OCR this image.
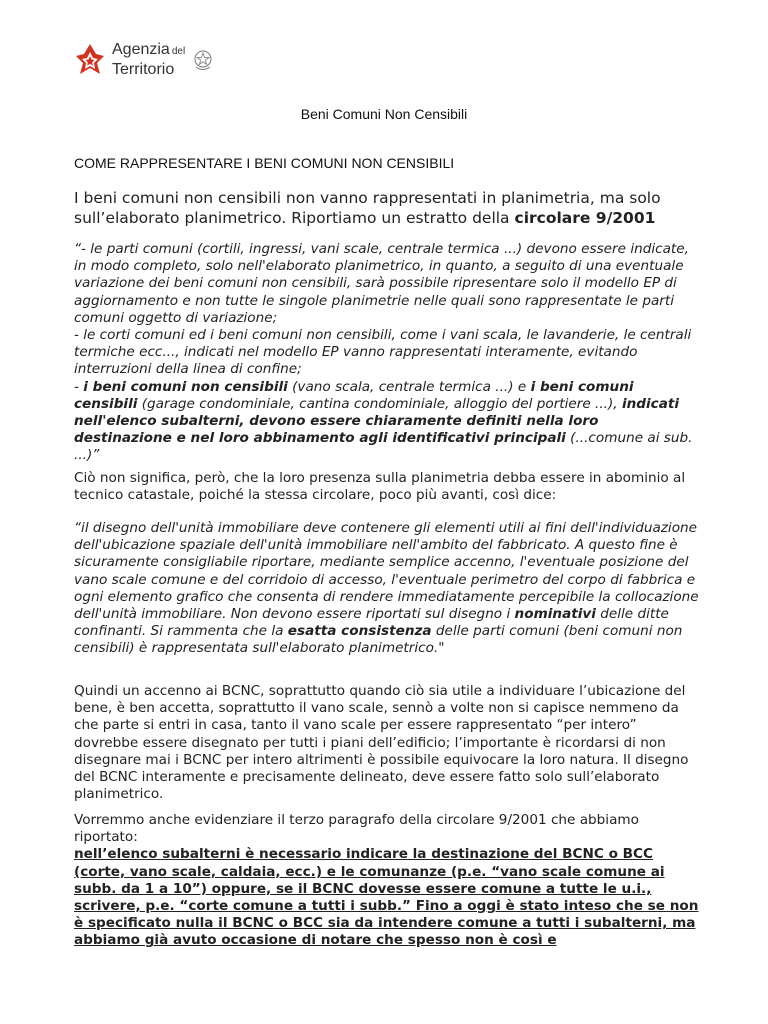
Agenzia del
Territorio
Beni Comuni Non Censibili
COME RAPPRESENTARE I BENI COMUNI NON CENSIBILI
I beni comuni non censibili non vanno rappresentati in planimetria, ma solo sull’elaborato planimetrico. Riportiamo un estratto della circolare 9/2001

“- le parti comuni (cortili, ingressi, vani scale, centrale termica ...) devono essere indicate, in modo completo, solo nell'elaborato planimetrico, in quanto, a seguito di una eventuale variazione dei beni comuni non censibili, sarà possibile ripresentare solo il modello EP di aggiornamento e non tutte le singole planimetrie nelle quali sono rappresentate le parti comuni oggetto di variazione;

- le corti comuni ed i beni comuni non censibili, come i vani scala, le lavanderie, le centrali termiche ecc..., indicati nel modello EP vanno rappresentati interamente, evitando interruzioni della linea di confine;

- i beni comuni non censibili (vano scala, centrale termica ...) e i beni comuni censibili (garage condominiale, cantina condominiale, alloggio del portiere ...), indicati nell'elenco subalterni, devono essere chiaramente definiti nella loro destinazione e nel loro abbinamento agli identificativi principali (...comune ai sub. ...)”

Ciò non significa, però, che la loro presenza sulla planimetria debba essere in abominio al tecnico catastale, poiché la stessa circolare, poco più avanti, così dice:
“il disegno dell'unità immobiliare deve contenere gli elementi utili ai fini dell'individuazione dell'ubicazione spaziale dell'unità immobiliare nell'ambito del fabbricato. A questo fine è sicuramente consigliabile riportare, mediante semplice accenno, l'eventuale posizione del vano scale comune e del corridoio di accesso, l'eventuale perimetro del corpo di fabbrica e ogni elemento grafico che consenta di rendere immediatamente percepibile la collocazione dell'unità immobiliare. Non devono essere riportati sul disegno i nominativi delle ditte confinanti. Si rammenta che la esatta consistenza delle parti comuni (beni comuni non censibili) è rappresentata sull'elaborato planimetrico."
Quindi un accenno ai BCNC, soprattutto quando ciò sia utile a individuare l’ubicazione del bene, è ben accetta, soprattutto il vano scale, sennò a volte non si capisce nemmeno da che parte si entri in casa, tanto il vano scale per essere rappresentato “per intero” dovrebbe essere disegnato per tutti i piani dell’edificio; l’importante è ricordarsi di non disegnare mai i BCNC per intero altrimenti è possibile equivocare la loro natura. Il disegno del BCNC interamente e precisamente delineato, deve essere fatto solo sull’elaborato planimetrico.

Vorremmo anche evidenziare il terzo paragrafo della circolare 9/2001 che abbiamo riportato:

nell’elenco subalterni è necessario indicare la destinazione del BCNC o BCC (corte, vano scale, caldaia, ecc.) e le comunanze (p.e. “vano scale comune ai subb. da 1 a 10”) oppure, se il BCNC dovesse essere comune a tutte le u.i., scrivere, p.e. “corte comune a tutti i subb.” Fino a oggi è stato inteso che se non è specificato nulla il BCNC o BCC sia da intendere comune a tutti i subalterni, ma abbiamo già avuto occasione di notare che spesso non è così e
